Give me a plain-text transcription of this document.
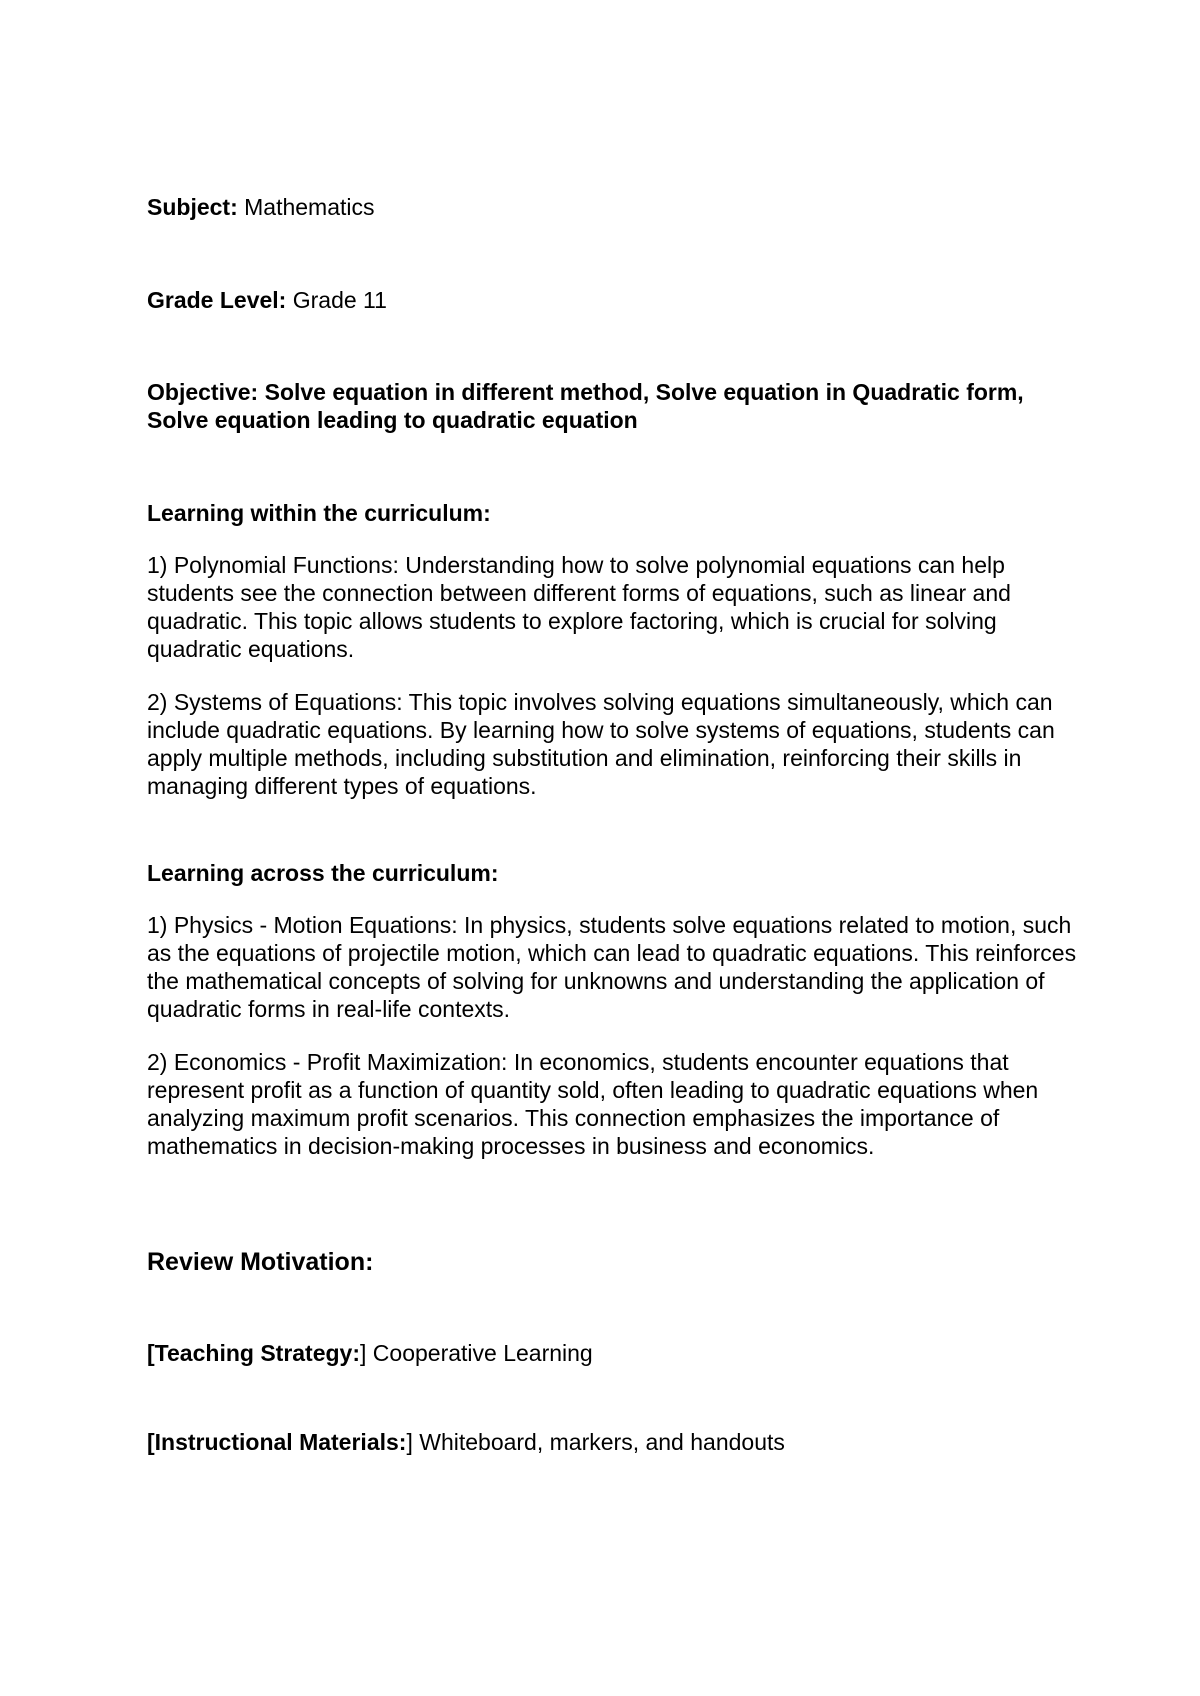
Subject: Mathematics

Grade Level: Grade 11

Objective: Solve equation in different method, Solve equation in Quadratic form, Solve equation leading to quadratic equation

Learning within the curriculum:

1) Polynomial Functions: Understanding how to solve polynomial equations can help students see the connection between different forms of equations, such as linear and quadratic. This topic allows students to explore factoring, which is crucial for solving quadratic equations.

2) Systems of Equations: This topic involves solving equations simultaneously, which can include quadratic equations. By learning how to solve systems of equations, students can apply multiple methods, including substitution and elimination, reinforcing their skills in managing different types of equations.

Learning across the curriculum:

1) Physics - Motion Equations: In physics, students solve equations related to motion, such as the equations of projectile motion, which can lead to quadratic equations. This reinforces the mathematical concepts of solving for unknowns and understanding the application of quadratic forms in real-life contexts.

2) Economics - Profit Maximization: In economics, students encounter equations that represent profit as a function of quantity sold, often leading to quadratic equations when analyzing maximum profit scenarios. This connection emphasizes the importance of mathematics in decision-making processes in business and economics.

Review Motivation:

[Teaching Strategy:] Cooperative Learning

[Instructional Materials:] Whiteboard, markers, and handouts
